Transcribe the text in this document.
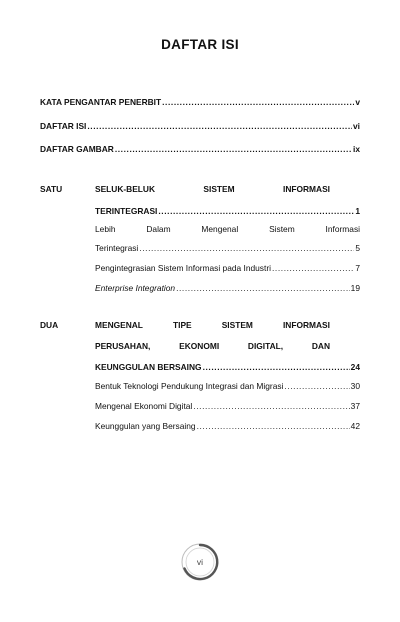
DAFTAR ISI
KATA PENGANTAR PENERBIT .....	v
DAFTAR ISI .....	vi
DAFTAR GAMBAR .....	ix
SATU	SELUK-BELUK	SISTEM	INFORMASI
TERINTEGRASI .....	1
Lebih	Dalam	Mengenal	Sistem	Informasi
Terintegrasi .....	5
Pengintegrasian Sistem Informasi pada Industri .....	7
Enterprise Integration .....	19
DUA	MENGENAL	TIPE	SISTEM	INFORMASI
PERUSAHAN,	EKONOMI	DIGITAL,	DAN
KEUNGGULAN BERSAING .....	24
Bentuk Teknologi Pendukung Integrasi dan Migrasi .....	30
Mengenal Ekonomi Digital .....	37
Keunggulan yang Bersaing .....	42
vi
